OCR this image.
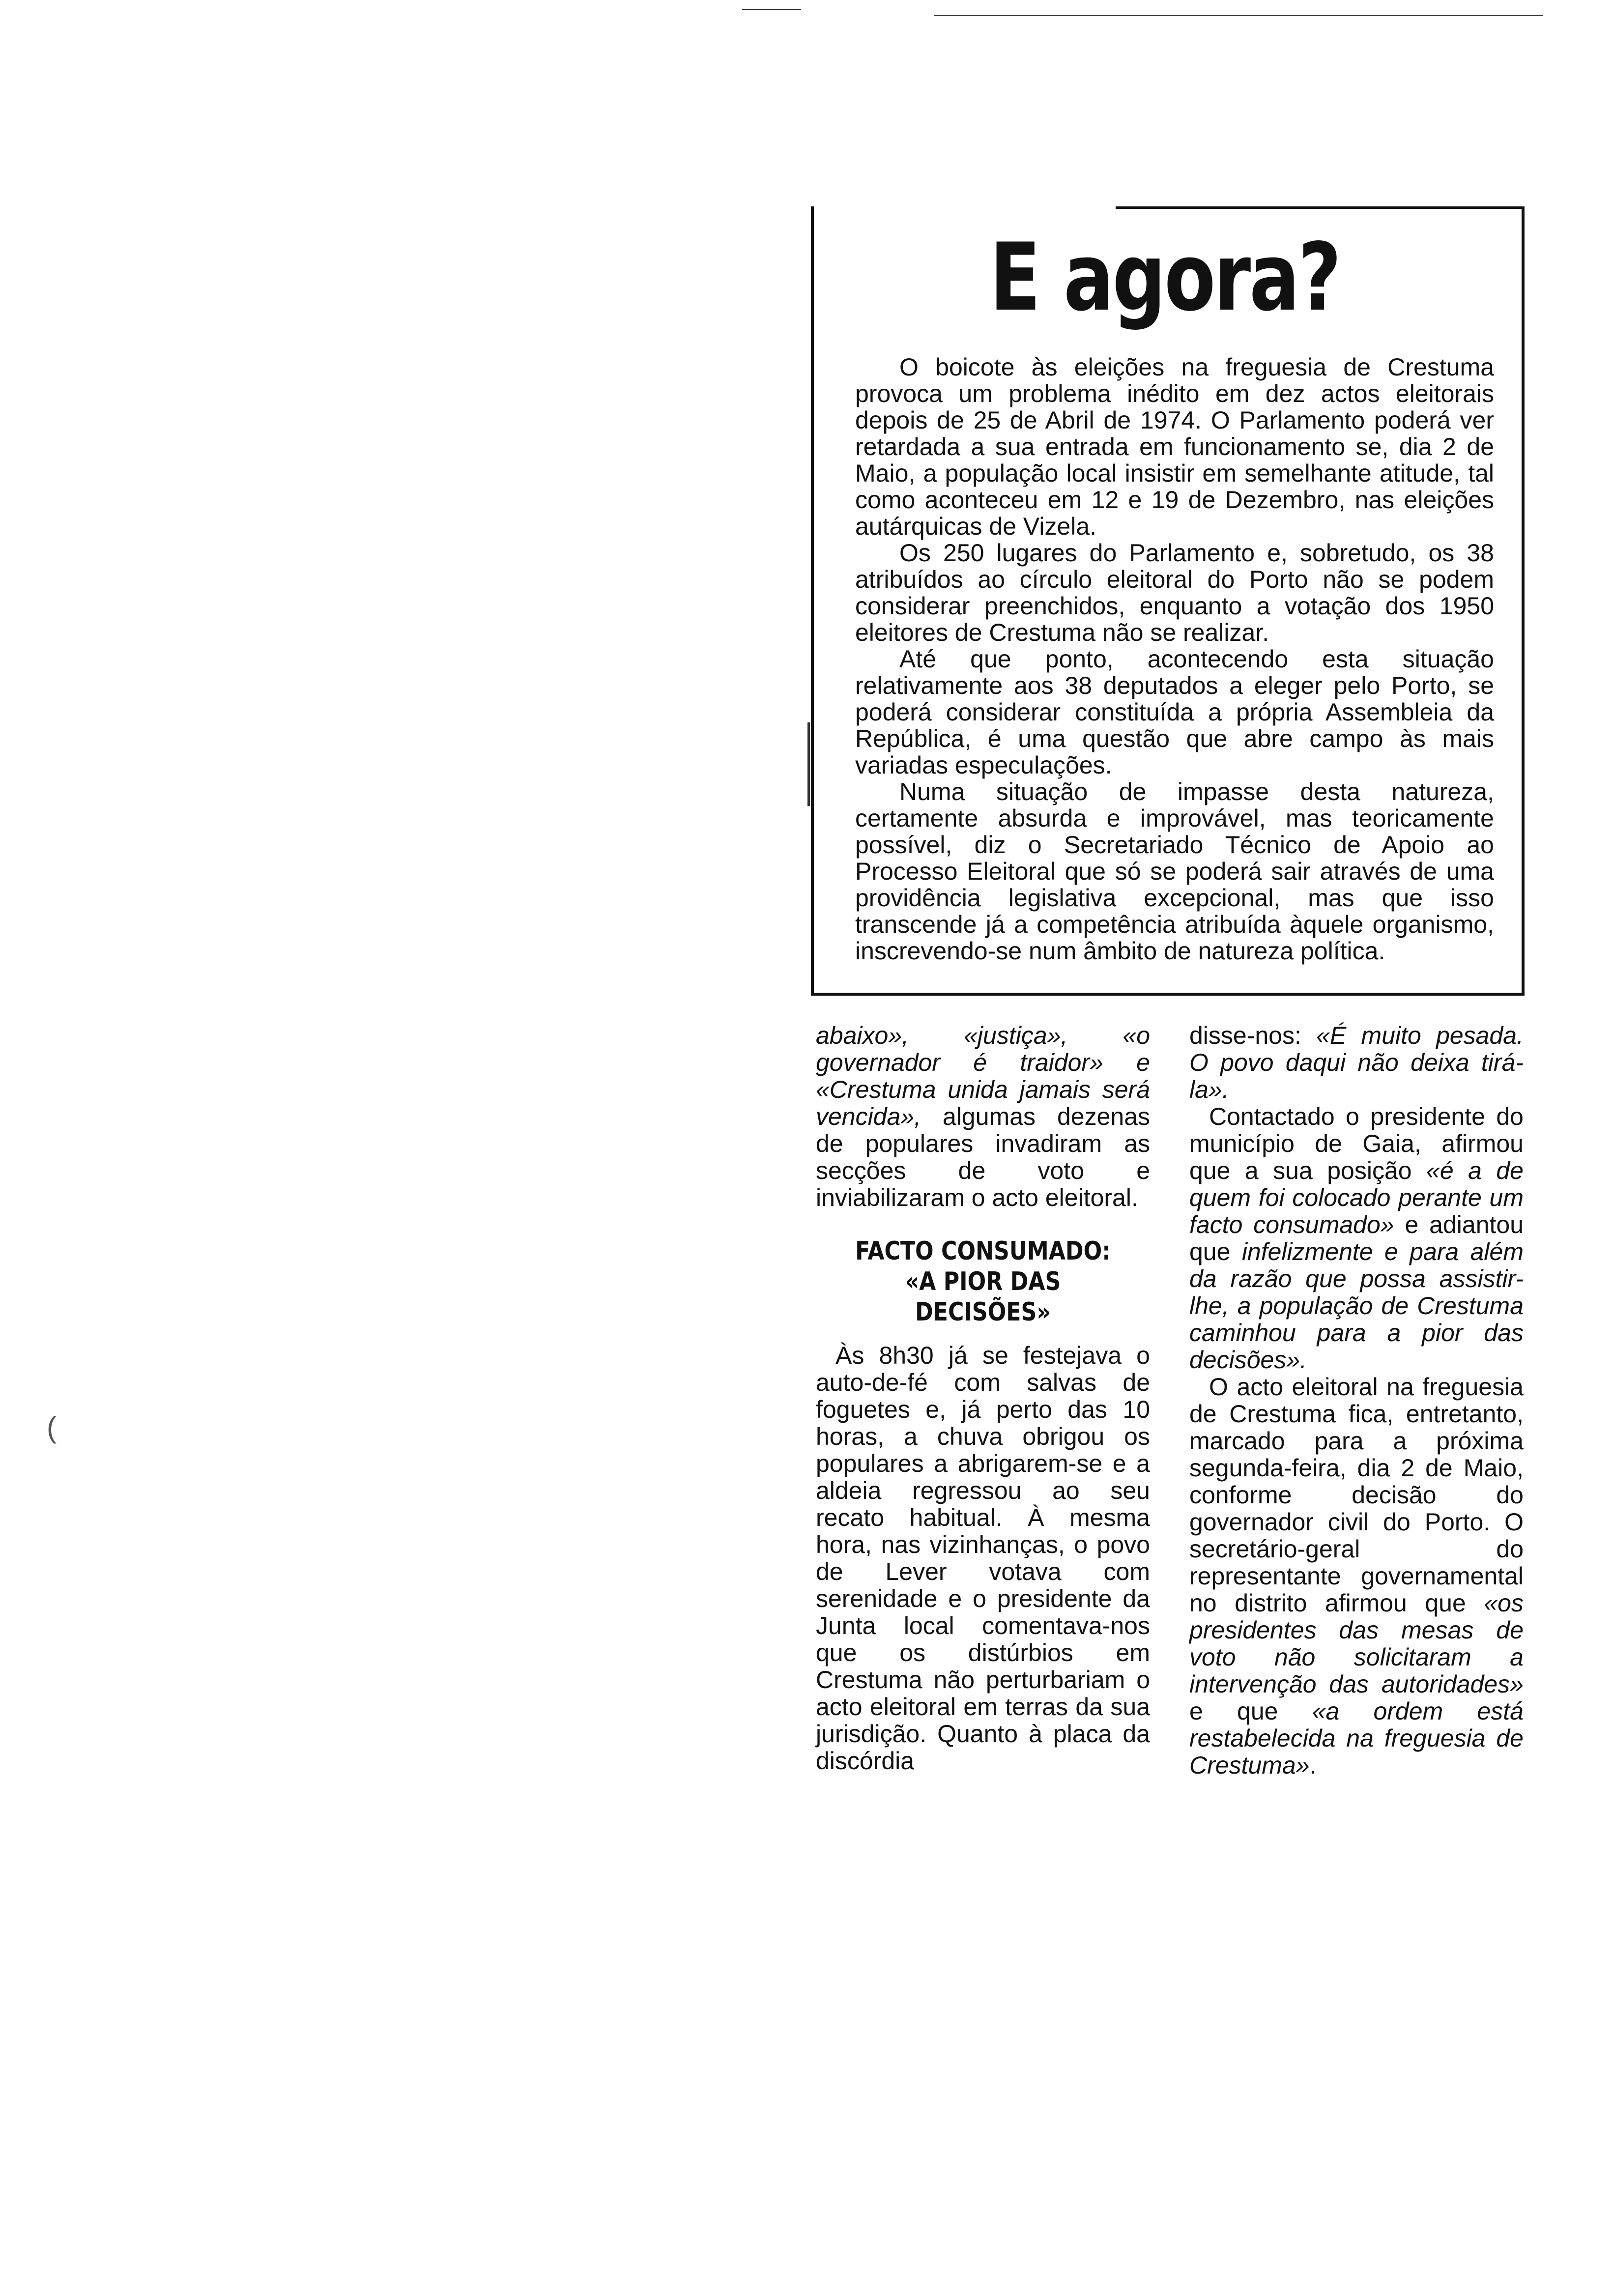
(
E agora?

O boicote às eleições na freguesia de Crestuma provoca um problema inédito em dez actos eleitorais depois de 25 de Abril de 1974. O Parlamento poderá ver retardada a sua entrada em funcionamento se, dia 2 de Maio, a população local insistir em semelhante atitude, tal como aconteceu em 12 e 19 de Dezembro, nas eleições autárquicas de Vizela.

Os 250 lugares do Parlamento e, sobretudo, os 38 atribuídos ao círculo eleitoral do Porto não se podem considerar preenchidos, enquanto a votação dos 1950 eleitores de Crestuma não se realizar.

Até que ponto, acontecendo esta situação relativamente aos 38 deputados a eleger pelo Porto, se poderá considerar constituída a própria Assembleia da República, é uma questão que abre campo às mais variadas especulações.

Numa situação de impasse desta natureza, certamente absurda e improvável, mas teoricamente possível, diz o Secretariado Técnico de Apoio ao Processo Eleitoral que só se poderá sair através de uma providência legislativa excepcional, mas que isso transcende já a competência atribuída àquele organismo, inscrevendo-se num âmbito de natureza política.

abaixo», «justiça», «o governador é traidor» e «Crestuma unida jamais será vencida», algumas dezenas de populares invadiram as secções de voto e inviabilizaram o acto eleitoral.

FACTO CONSUMADO:
«A PIOR DAS DECISÕES»

Às 8h30 já se festejava o auto-de-fé com salvas de foguetes e, já perto das 10 horas, a chuva obrigou os populares a abrigarem-se e a aldeia regressou ao seu recato habitual. À mesma hora, nas vizinhanças, o povo de Lever votava com serenidade e o presidente da Junta local comentava-nos que os distúrbios em Crestuma não perturbariam o acto eleitoral em terras da sua jurisdição. Quanto à placa da discórdia

disse-nos: «É muito pesada. O povo daqui não deixa tirá-la».

Contactado o presidente do município de Gaia, afirmou que a sua posição «é a de quem foi colocado perante um facto consumado» e adiantou que infelizmente e para além da razão que possa assistir-lhe, a população de Crestuma caminhou para a pior das decisões».

O acto eleitoral na freguesia de Crestuma fica, entretanto, marcado para a próxima segunda-feira, dia 2 de Maio, conforme decisão do governador civil do Porto. O secretário-geral do representante governamental no distrito afirmou que «os presidentes das mesas de voto não solicitaram a intervenção das autoridades» e que «a ordem está restabelecida na freguesia de Crestuma».
